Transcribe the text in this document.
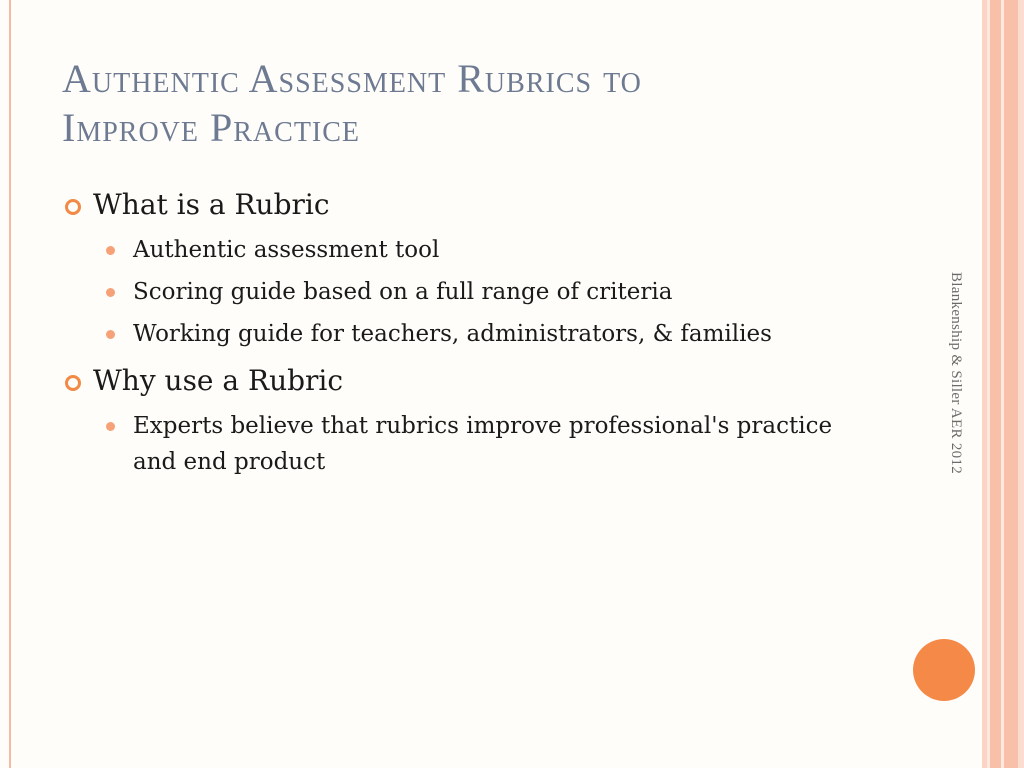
Authentic Assessment Rubrics to
Improve Practice

What is a Rubric

Authentic assessment tool

Scoring guide based on a full range of criteria

Working guide for teachers, administrators, & families

Why use a Rubric

Experts believe that rubrics improve professional's practice and end product	Blankenship & Siller AER 2012
